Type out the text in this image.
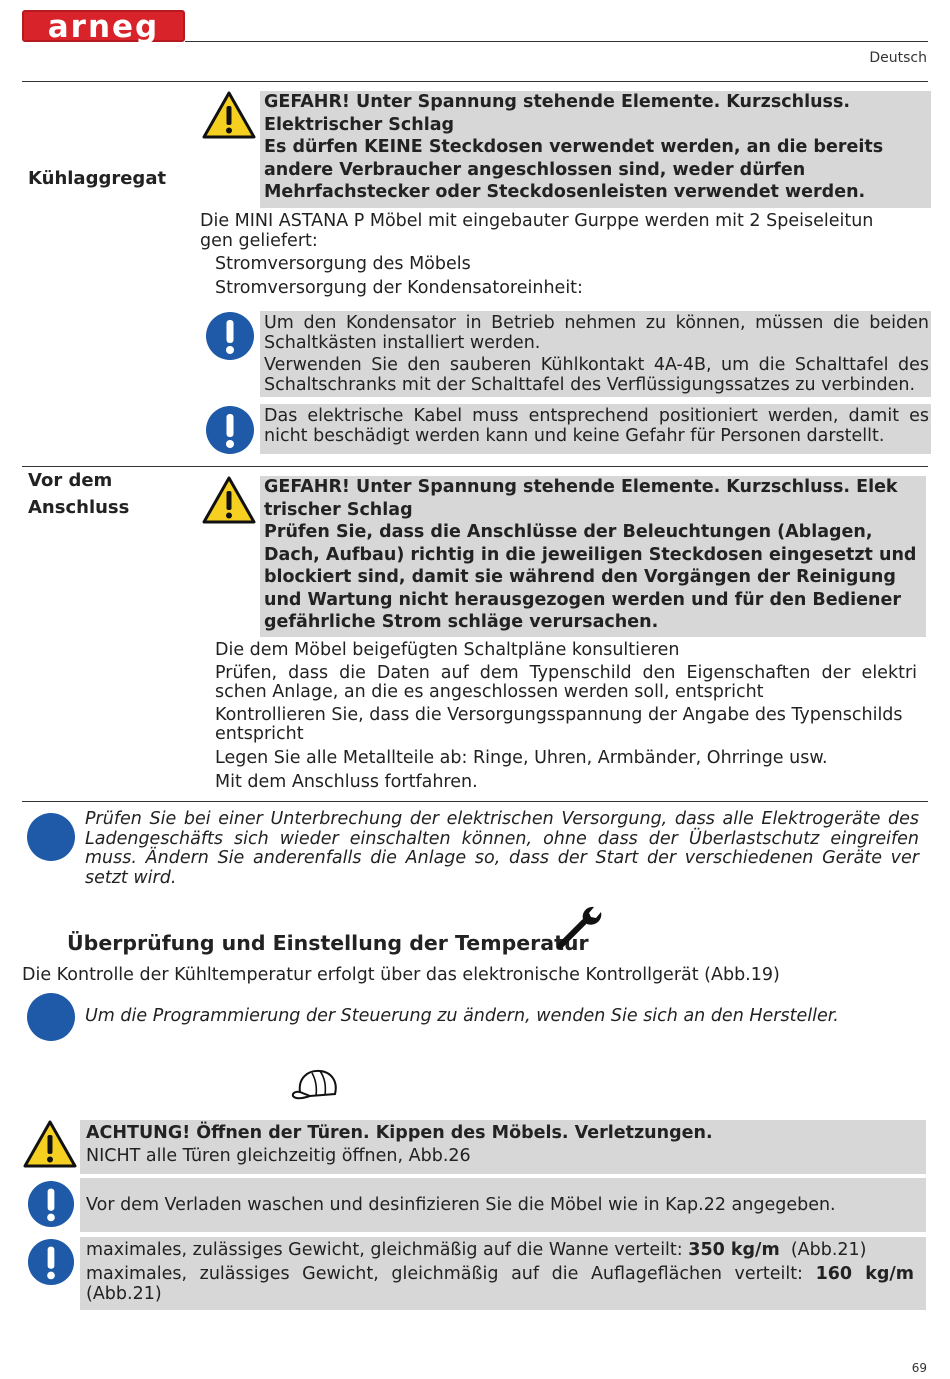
arneg
Deutsch
Kühlaggregat
GEFAHR! Unter Spannung stehende Elemente. Kurzschluss. Elektrischer Schlag
Es dürfen KEINE Steckdosen verwendet werden, an die bereits andere Verbraucher angeschlossen sind, weder dürfen Mehrfachstecker oder Steckdosenleisten verwendet werden.
Die MINI ASTANA P Möbel mit eingebauter Gurppe werden mit 2 Speiseleitun
gen geliefert:
Stromversorgung des Möbels
Stromversorgung der Kondensatoreinheit:
Um den Kondensator in Betrieb nehmen zu können, müssen die beiden Schaltkästen installiert werden.
Verwenden Sie den sauberen Kühlkontakt 4A-4B, um die Schalttafel des Schaltschranks mit der Schalttafel des Verflüssigungssatzes zu verbinden.
Das elektrische Kabel muss entsprechend positioniert werden, damit es nicht beschädigt werden kann und keine Gefahr für Personen darstellt.
Vor dem
Anschluss
GEFAHR! Unter Spannung stehende Elemente. Kurzschluss. Elek trischer Schlag
Prüfen Sie, dass die Anschlüsse der Beleuchtungen (Ablagen, Dach, Aufbau) richtig in die jeweiligen Steckdosen eingesetzt und blockiert sind, damit sie während den Vorgängen der Reinigung und Wartung nicht herausgezogen werden und für den Bediener gefährliche Strom schläge verursachen.
Die dem Möbel beigefügten Schaltpläne konsultieren
Prüfen, dass die Daten auf dem Typenschild den Eigenschaften der elektri schen Anlage, an die es angeschlossen werden soll, entspricht
Kontrollieren Sie, dass die Versorgungsspannung der Angabe des Typenschilds entspricht
Legen Sie alle Metallteile ab: Ringe, Uhren, Armbänder, Ohrringe usw.
Mit dem Anschluss fortfahren.
Prüfen Sie bei einer Unterbrechung der elektrischen Versorgung, dass alle Elektrogeräte des Ladengeschäfts sich wieder einschalten können, ohne dass der Überlastschutz eingreifen muss. Ändern Sie anderenfalls die Anlage so, dass der Start der verschiedenen Geräte ver setzt wird.
Überprüfung und Einstellung der Temperatur
Die Kontrolle der Kühltemperatur erfolgt über das elektronische Kontrollgerät (Abb.19)
Um die Programmierung der Steuerung zu ändern, wenden Sie sich an den Hersteller.
ACHTUNG! Öffnen der Türen. Kippen des Möbels. Verletzungen.
NICHT alle Türen gleichzeitig öffnen, Abb.26
Vor dem Verladen waschen und desinfizieren Sie die Möbel wie in Kap.22 angegeben.
maximales, zulässiges Gewicht, gleichmäßig auf die Wanne verteilt: 350 kg/m (Abb.21)
maximales, zulässiges Gewicht, gleichmäßig auf die Auflageflächen verteilt: 160 kg/m
(Abb.21)
69
